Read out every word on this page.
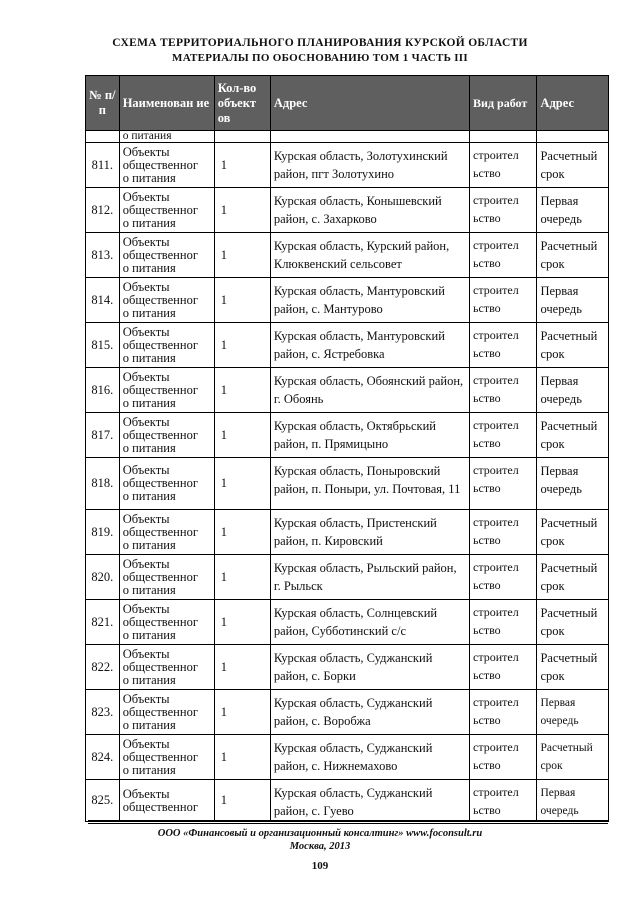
СХЕМА ТЕРРИТОРИАЛЬНОГО ПЛАНИРОВАНИЯ КУРСКОЙ ОБЛАСТИ
МАТЕРИАЛЫ ПО ОБОСНОВАНИЮ ТОМ 1 ЧАСТЬ III
№ п/п	Наименован ие	Кол-во объект ов	Адрес	Вид работ	Адрес
	о питания				
811.	Объекты
общественног
о питания	1	Курская область, Золотухинский район, пгт Золотухино	строител ьство	Расчетный срок
812.	Объекты
общественног
о питания	1	Курская область, Конышевский район, с. Захарково	строител ьство	Первая очередь
813.	Объекты
общественног
о питания	1	Курская область, Курский район, Клюквенский сельсовет	строител ьство	Расчетный срок
814.	Объекты
общественног
о питания	1	Курская область, Мантуровский район, с. Мантурово	строител ьство	Первая очередь
815.	Объекты
общественног
о питания	1	Курская область, Мантуровский район, с. Ястребовка	строител ьство	Расчетный срок
816.	Объекты
общественног
о питания	1	Курская область, Обоянский район, г. Обоянь	строител ьство	Первая очередь
817.	Объекты
общественног
о питания	1	Курская область, Октябрьский район, п. Прямицыно	строител ьство	Расчетный срок
818.	Объекты
общественног
о питания	1	Курская область, Поныровский район, п. Поныри, ул. Почтовая, 11	строител ьство	Первая очередь
819.	Объекты
общественног
о питания	1	Курская область, Пристенский район, п. Кировский	строител ьство	Расчетный срок
820.	Объекты
общественног
о питания	1	Курская область, Рыльский район, г. Рыльск	строител ьство	Расчетный срок
821.	Объекты
общественног
о питания	1	Курская область, Солнцевский район, Субботинский с/с	строител ьство	Расчетный срок
822.	Объекты
общественног
о питания	1	Курская область, Суджанский район, с. Борки	строител ьство	Расчетный срок
823.	Объекты
общественног
о питания	1	Курская область, Суджанский район, с. Воробжа	строител ьство	Первая очередь
824.	Объекты
общественног
о питания	1	Курская область, Суджанский район, с. Нижнемахово	строител ьство	Расчетный срок
825.	Объекты
общественног	1	Курская область, Суджанский район, с. Гуево	строител ьство	Первая очередь
ООО «Финансовый и организационный консалтинг» www.foconsult.ru
Москва, 2013
109
